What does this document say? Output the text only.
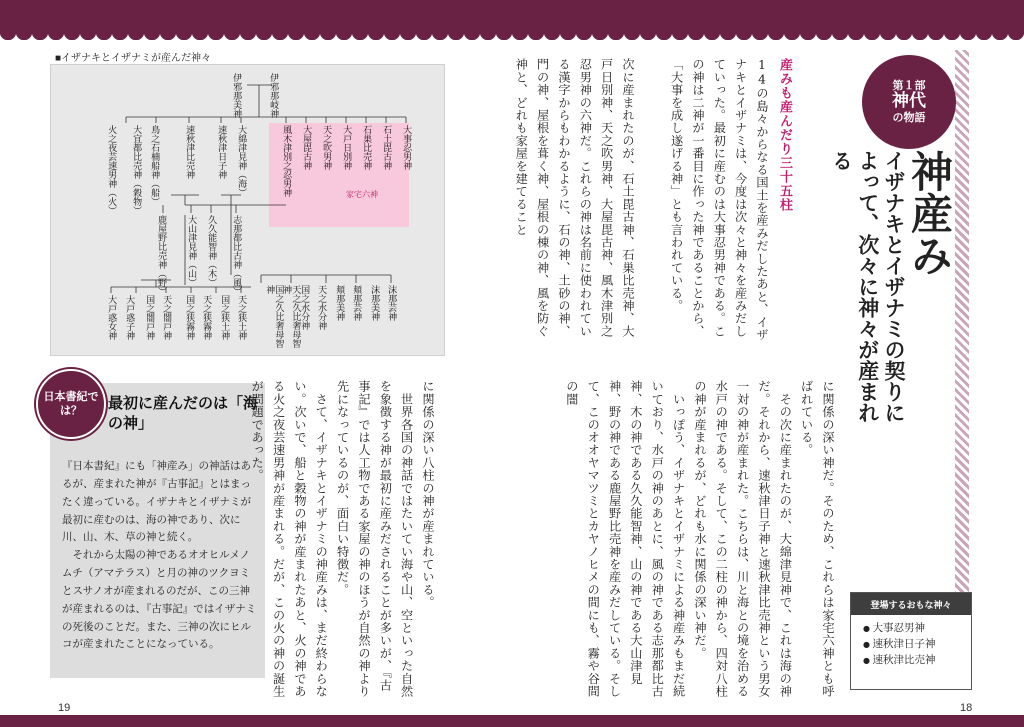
■イザナキとイザナミが産んだ神々
家宅六神
伊邪那岐神
伊邪那美神
大事忍男神
石土毘古神
石巣比売神
大戸日別神
天之吹男神
大屋毘古神
風木津別之忍男神
大綿津見神（海）
速秋津日子神
速秋津比売神
鳥之石楠船神（船）
大宜都比売神（穀物）
火之夜芸速男神（火）
志那都比古神（風）
久久能智神（木）
大山津見神（山）
鹿屋野比売神（野）
沫那芸神
沫那美神
頬那芸神
頬那美神
天之水分神
国之水分神
天之久比奢母智神
国之久比奢母智神
天之狭土神
国之狭土神
天之狭霧神
国之狭霧神
天之闇戸神
国之闇戸神
大戸惑子神
大戸惑女神
日本書紀では？	最初に産んだのは「海の神」
『日本書紀』にも「神産み」の神話はあるが、産まれた神が『古事記』とはまったく違っている。イザナキとイザナミが最初に産むのは、海の神であり、次に川、山、木、草の神と続く。
　それから太陽の神であるオオヒルメノムチ（アマテラス）と月の神のツクヨミとスサノオが産まれるのだが、この三神が産まれるのは、『古事記』ではイザナミの死後のことだ。また、三神の次にヒルコが産まれたことになっている。
に関係の深い八柱の神が産まれている。
　世界各国の神話ではたいてい海や山、空といった自然を象徴する神が最初に産みだされることが多いが、『古事記』では人工物である家屋の神のほうが自然の神より先になっているのが、面白い特徴だ。
　さて、イザナキとイザナミの神産みは、まだ終わらない。次いで、船と穀物の神が産まれたあと、火の神である火之夜芸速男神が産まれる。だが、この火の神の誕生が問題であった。
19
第１部
神代
の物語
神産み
イザナキとイザナミの契りによって、次々に神々が産まれる
産みも産んだり三十五柱
14の島々からなる国土を産みだしたあと、イザナキとイザナミは、今度は次々と神々を産みだしていった。最初に産むのは大事忍男神である。この神は二神が一番目に作った神であることから、「大事を成し遂げる神」とも言われている。
次に産まれたのが、石土毘古神、石巣比売神、大戸日別神、天之吹男神、大屋毘古神、風木津別之忍男神の六神だ。これらの神は名前に使われている漢字からもわかるように、石の神、土砂の神、門の神、屋根を葺く神、屋根の棟の神、風を防ぐ神と、どれも家屋を建てること
に関係の深い神だ。そのため、これらは家宅六神とも呼ばれている。
　その次に産まれたのが、大綿津見神で、これは海の神だ。それから、速秋津日子神と速秋津比売神という男女一対の神が産まれた。こちらは、川と海との境を治める水戸の神である。そして、この二柱の神から、四対八柱の神が産まれるが、どれも水に関係の深い神だ。
　いっぽう、イザナキとイザナミによる神産みもまだ続いており、水戸の神のあとに、風の神である志那都比古神、木の神である久久能智神、山の神である大山津見神、野の神である鹿屋野比売神を産みだしている。そして、このオオヤマツミとカヤノヒメの間にも、霧や谷間の闇
登場するおもな神々
● 大事忍男神
● 速秋津日子神
● 速秋津比売神
18
